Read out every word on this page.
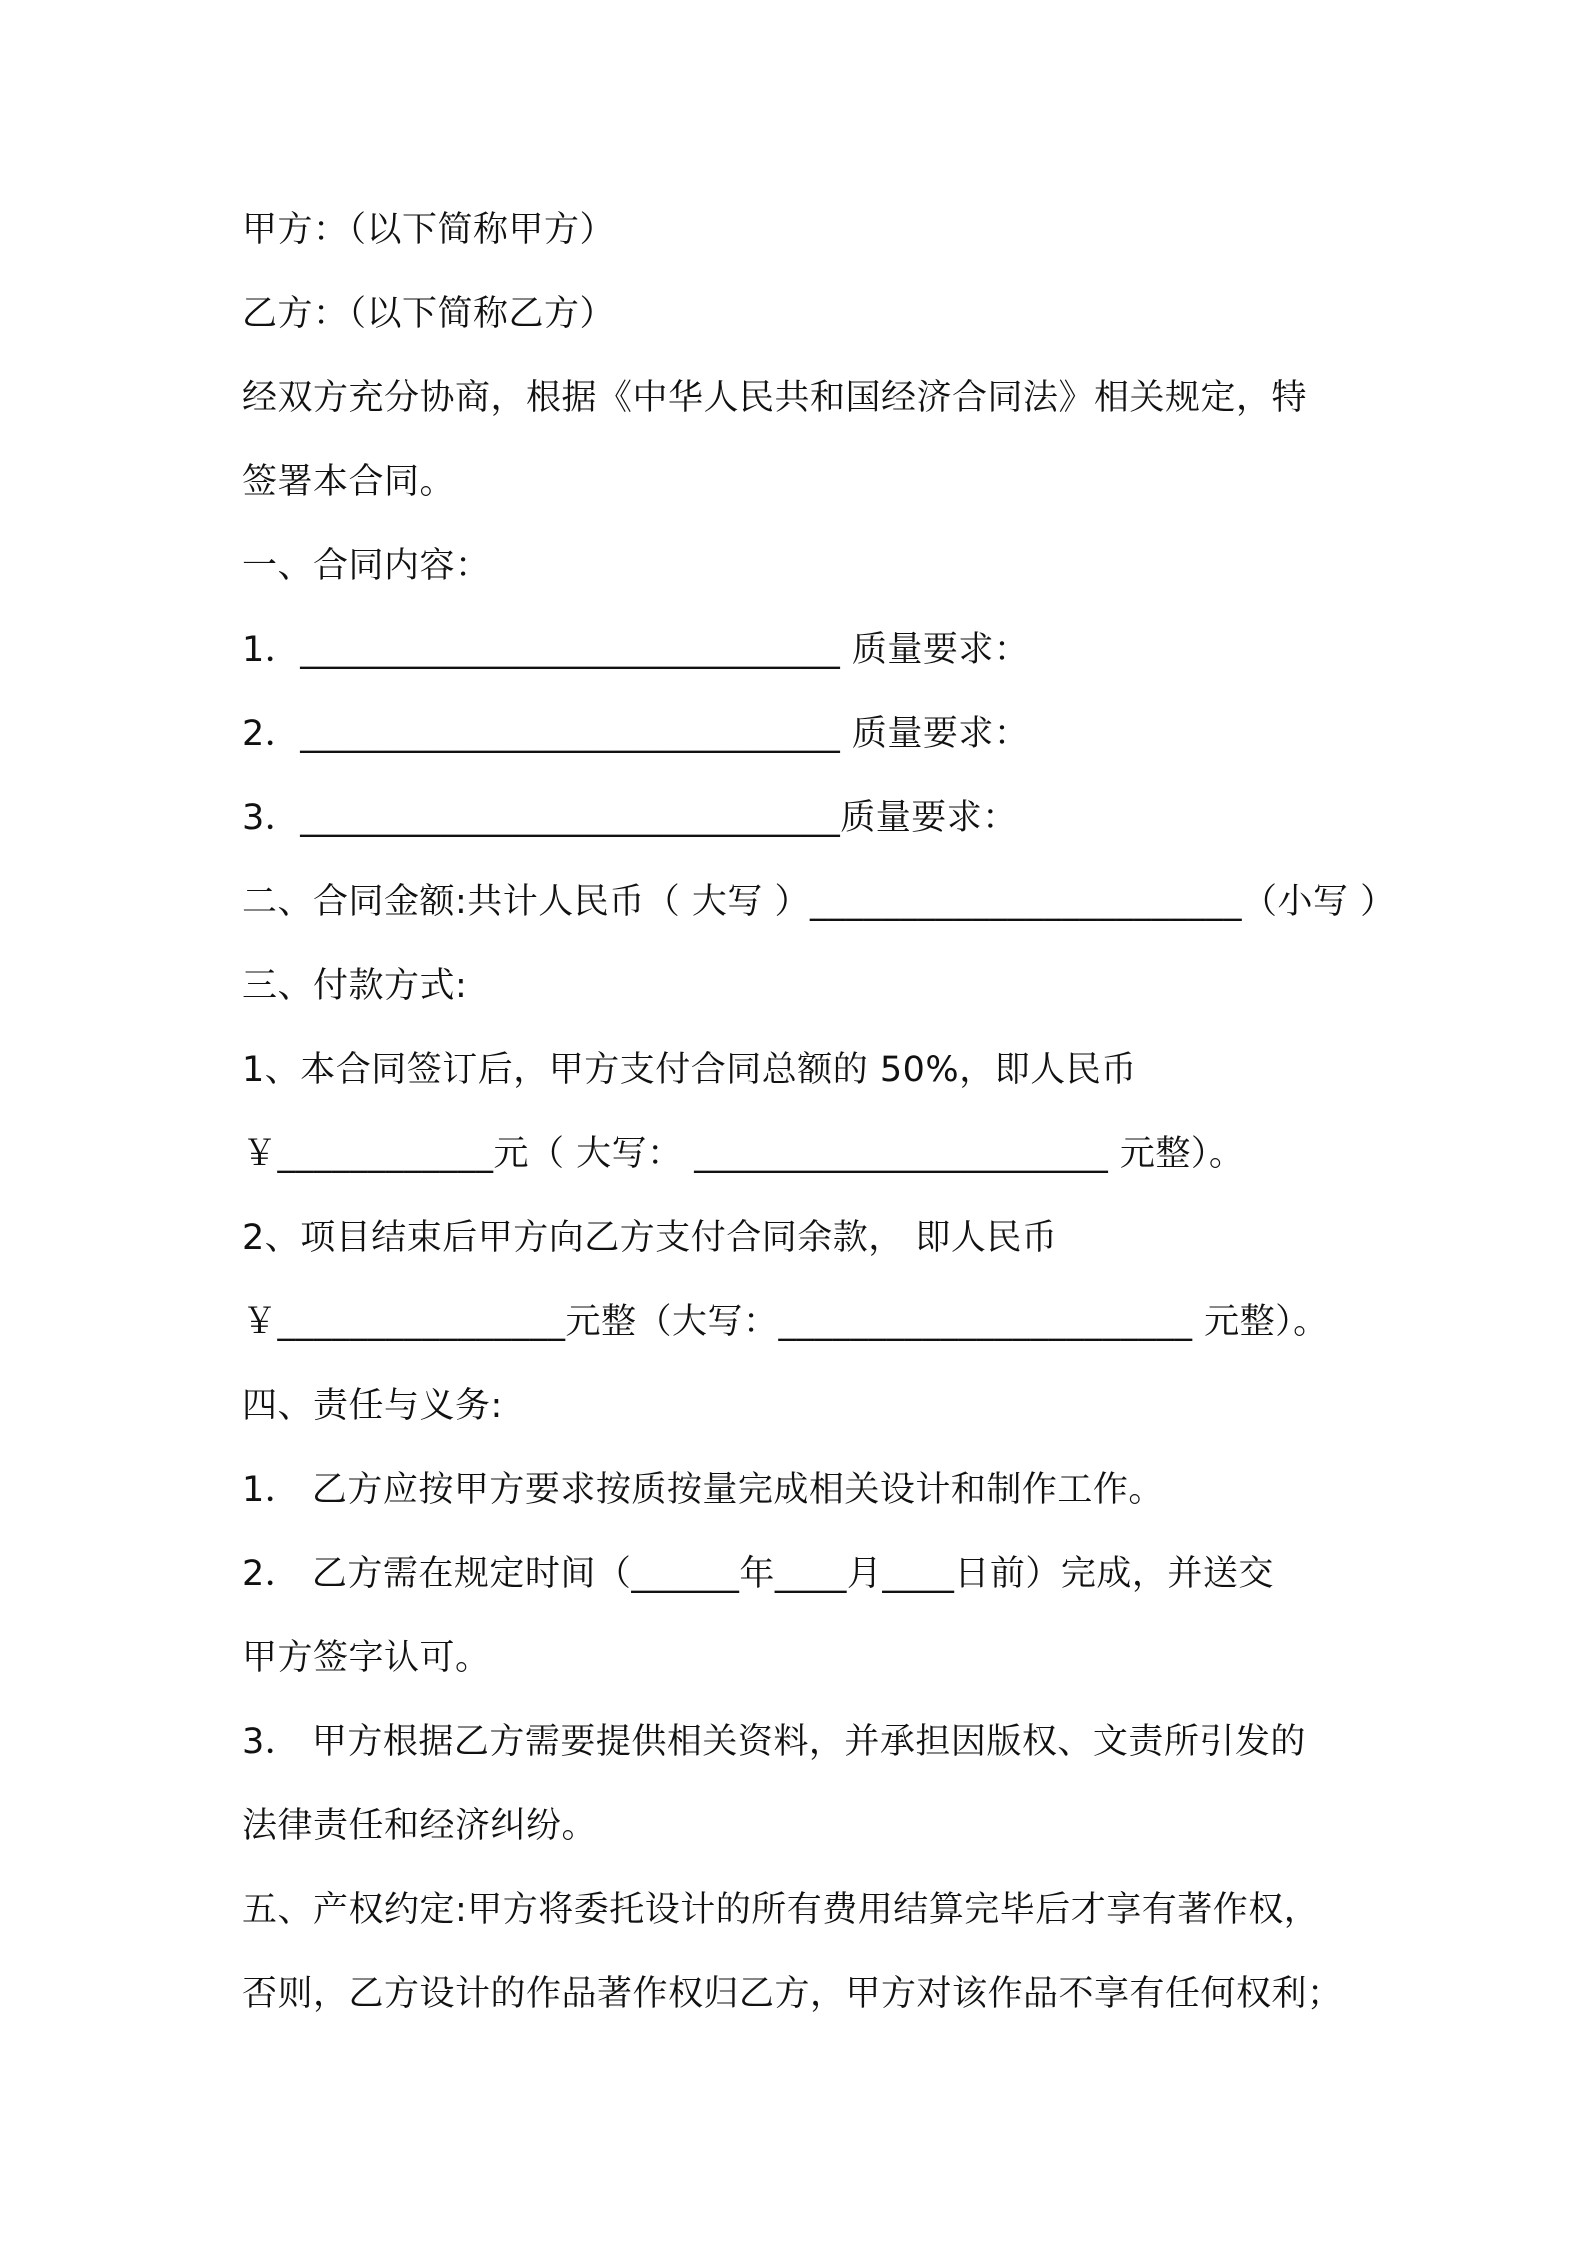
甲方：（以下简称甲方）
乙方：（以下简称乙方）
经双方充分协商，根据《中华人民共和国经济合同法》相关规定，特
签署本合同。
一、合同内容：
1．______________________________ 质量要求：
2．______________________________ 质量要求：
3．______________________________质量要求：
二、合同金额:共计人民币（ 大写 ）________________________（小写 ）
三、付款方式:
1、本合同签订后，甲方支付合同总额的 50%，即人民币
￥____________元（ 大写： _______________________ 元整）。
2、项目结束后甲方向乙方支付合同余款， 即人民币
￥________________元整（大写：_______________________ 元整）。
四、责任与义务:
1． 乙方应按甲方要求按质按量完成相关设计和制作工作。
2． 乙方需在规定时间（______年____月____日前）完成，并送交
甲方签字认可。
3． 甲方根据乙方需要提供相关资料，并承担因版权、文责所引发的
法律责任和经济纠纷。
五、产权约定:甲方将委托设计的所有费用结算完毕后才享有著作权，
否则，乙方设计的作品著作权归乙方，甲方对该作品不享有任何权利；
